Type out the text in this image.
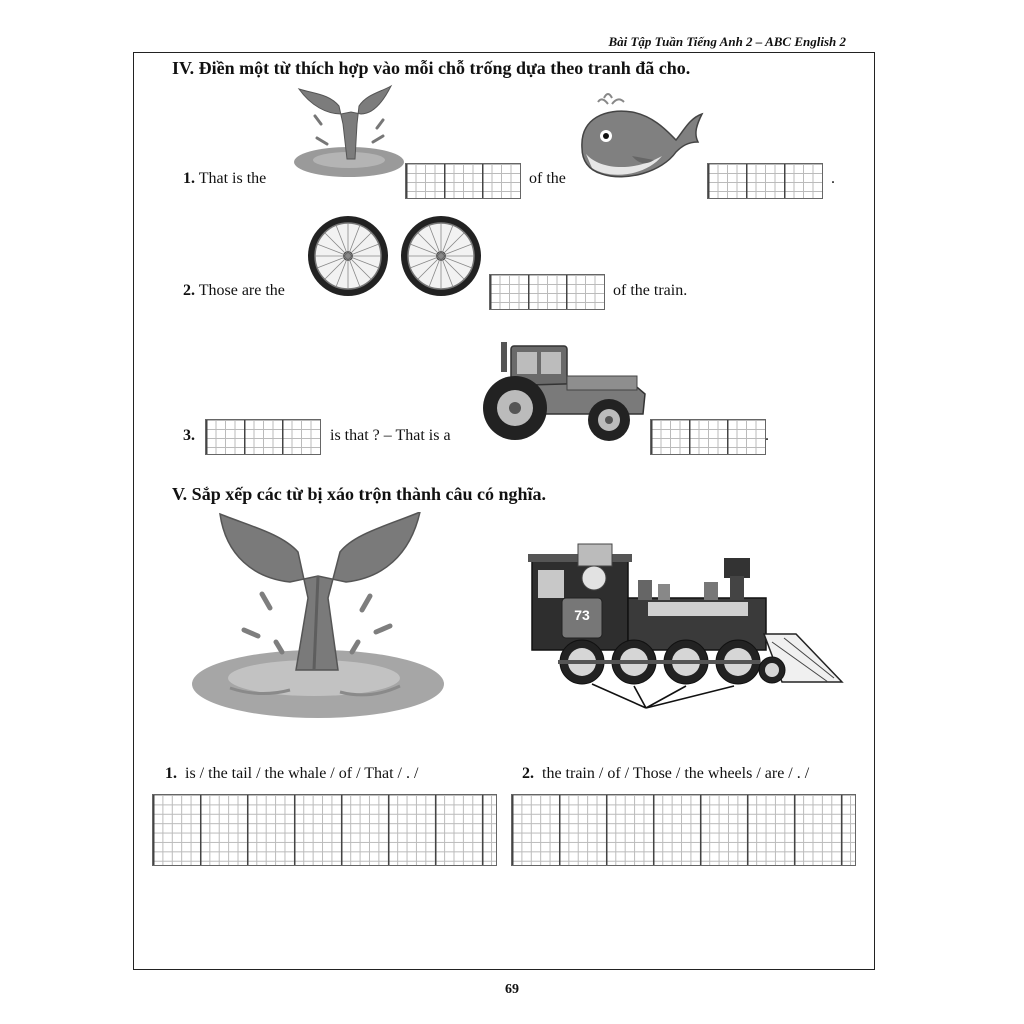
Bài Tập Tuần Tiếng Anh 2 – ABC English 2
IV. Điền một từ thích hợp vào mỗi chỗ trống dựa theo tranh đã cho.
1. That is the	of the	.
2. Those are the	of the train.
3.	is that ? – That is a	.
V. Sắp xếp các từ bị xáo trộn thành câu có nghĩa.
73
1. is / the tail / the whale / of / That / . /	2. the train / of / Those / the wheels / are / . /
69
